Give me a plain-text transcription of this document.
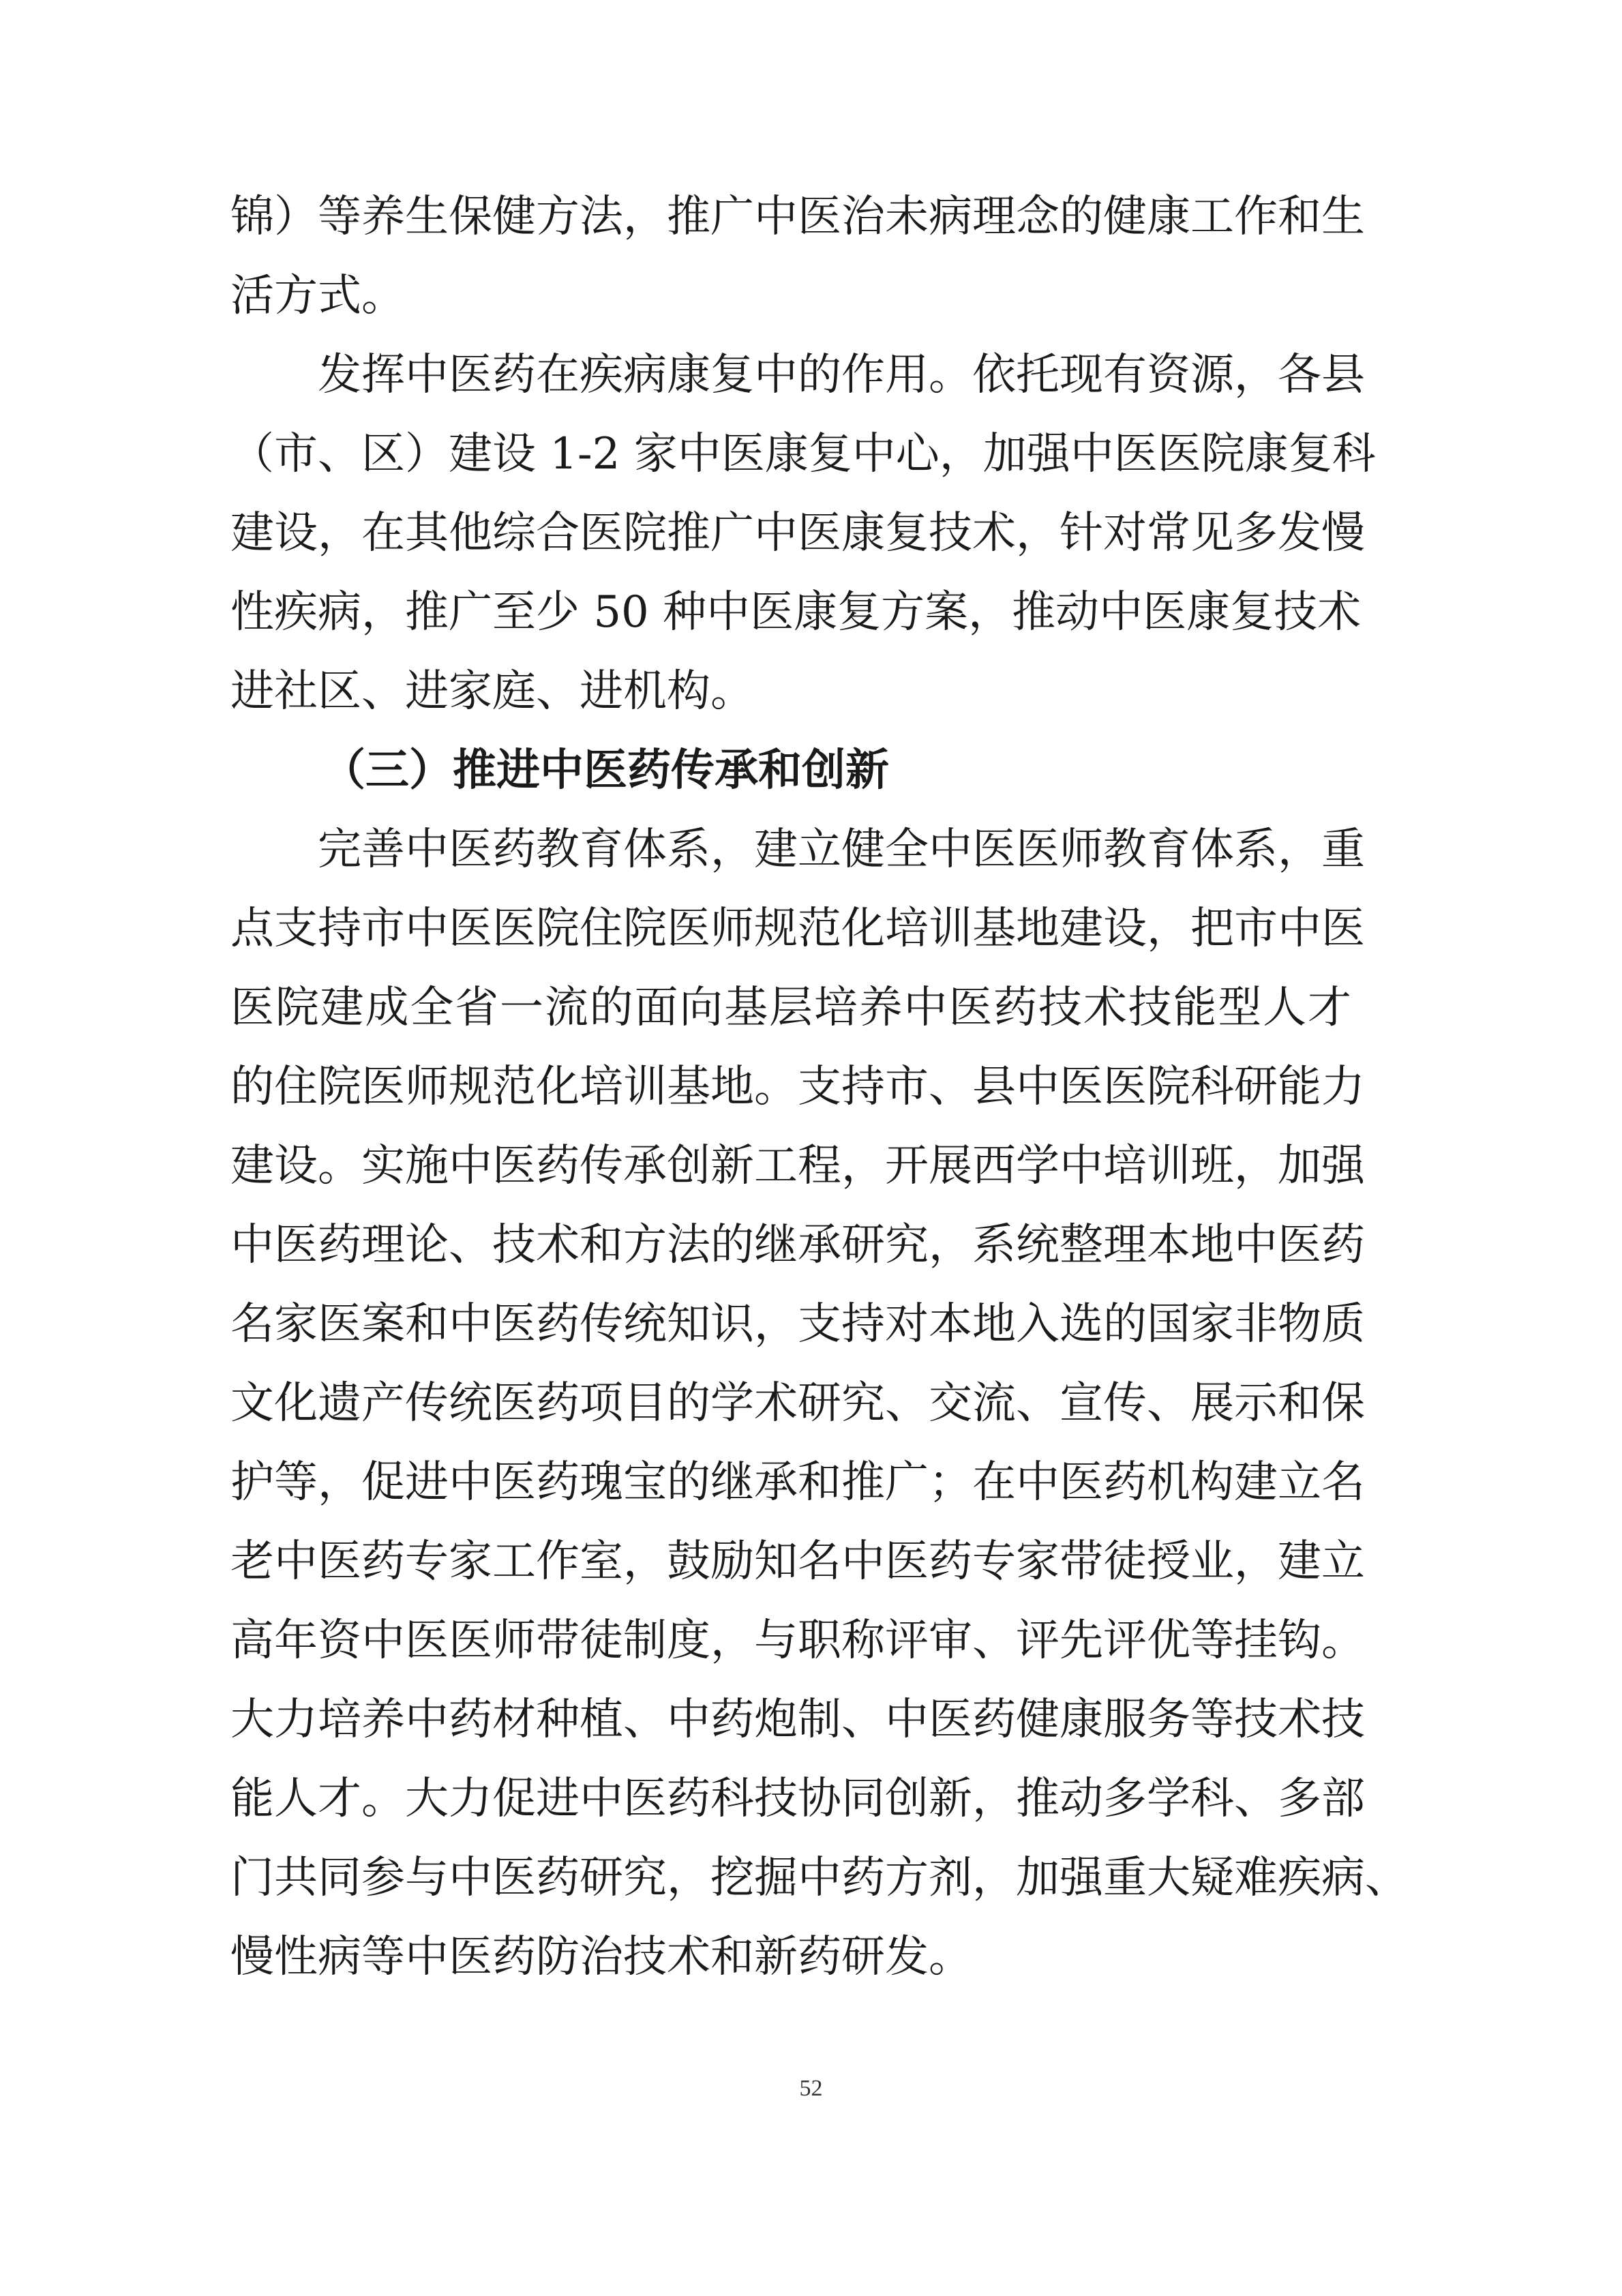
锦）等养生保健方法，推广中医治未病理念的健康工作和生
活方式。
　　发挥中医药在疾病康复中的作用。依托现有资源，各县
（市、区）建设 1-2 家中医康复中心，加强中医医院康复科
建设，在其他综合医院推广中医康复技术，针对常见多发慢
性疾病，推广至少 50 种中医康复方案，推动中医康复技术
进社区、进家庭、进机构。
（三）推进中医药传承和创新
　　完善中医药教育体系，建立健全中医医师教育体系，重
点支持市中医医院住院医师规范化培训基地建设，把市中医
医院建成全省一流的面向基层培养中医药技术技能型人才
的住院医师规范化培训基地。支持市、县中医医院科研能力
建设。实施中医药传承创新工程，开展西学中培训班，加强
中医药理论、技术和方法的继承研究，系统整理本地中医药
名家医案和中医药传统知识，支持对本地入选的国家非物质
文化遗产传统医药项目的学术研究、交流、宣传、展示和保
护等，促进中医药瑰宝的继承和推广；在中医药机构建立名
老中医药专家工作室，鼓励知名中医药专家带徒授业，建立
高年资中医医师带徒制度，与职称评审、评先评优等挂钩。
大力培养中药材种植、中药炮制、中医药健康服务等技术技
能人才。大力促进中医药科技协同创新，推动多学科、多部
门共同参与中医药研究，挖掘中药方剂，加强重大疑难疾病、
慢性病等中医药防治技术和新药研发。
52
